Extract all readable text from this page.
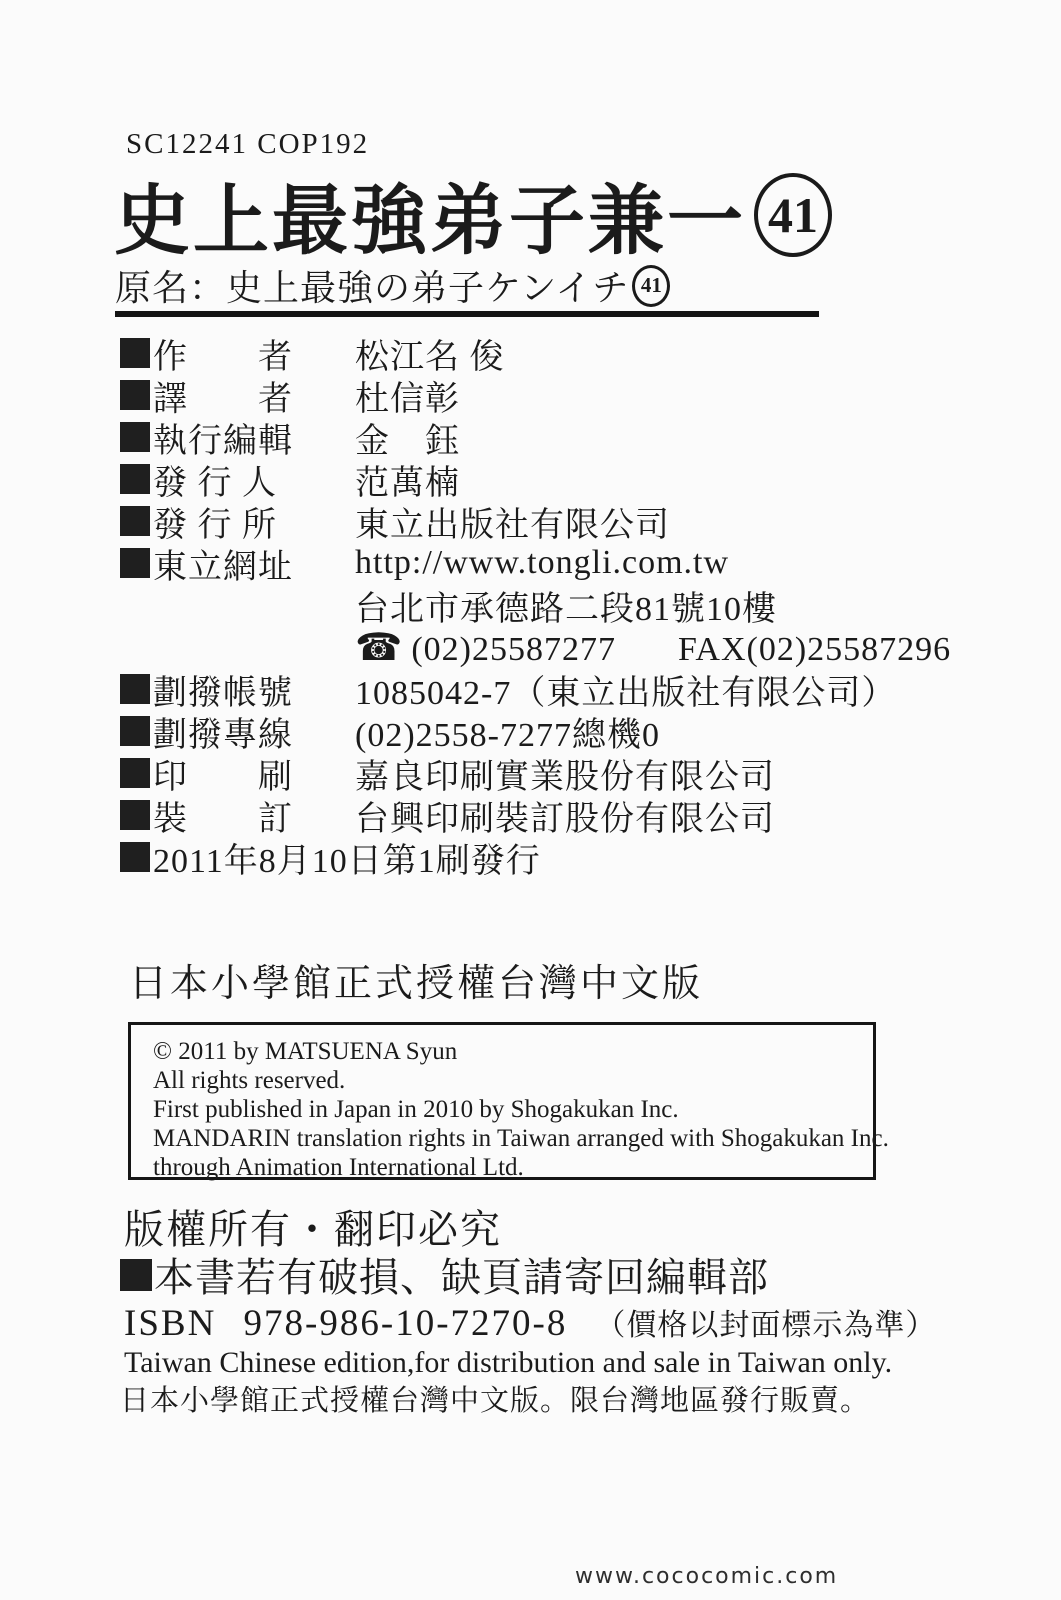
SC12241 COP192
史上最強弟子兼一 41
原名：史上最強の弟子ケンイチ 41
作　　者 松江名 俊
譯　　者 杜信彰
執行編輯 金　鈺
發 行 人 范萬楠
發 行 所 東立出版社有限公司
東立網址 http://www.tongli.com.tw
台北市承德路二段81號10樓
☎ (02)25587277 FAX(02)25587296
劃撥帳號 1085042-7（東立出版社有限公司）
劃撥專線 (02)2558-7277總機0
印　　刷 嘉良印刷實業股份有限公司
裝　　訂 台興印刷裝訂股份有限公司
2011年8月10日第1刷發行
日本小學館正式授權台灣中文版
© 2011 by MATSUENA Syun
All rights reserved.
First published in Japan in 2010 by Shogakukan Inc.
MANDARIN translation rights in Taiwan arranged with Shogakukan Inc.
through Animation International Ltd.
版權所有・翻印必究
本書若有破損、缺頁請寄回編輯部
ISBN 978-986-10-7270-8 （價格以封面標示為準）
Taiwan Chinese edition,for distribution and sale in Taiwan only.
日本小學館正式授權台灣中文版。限台灣地區發行販賣。
www.cococomic.com
